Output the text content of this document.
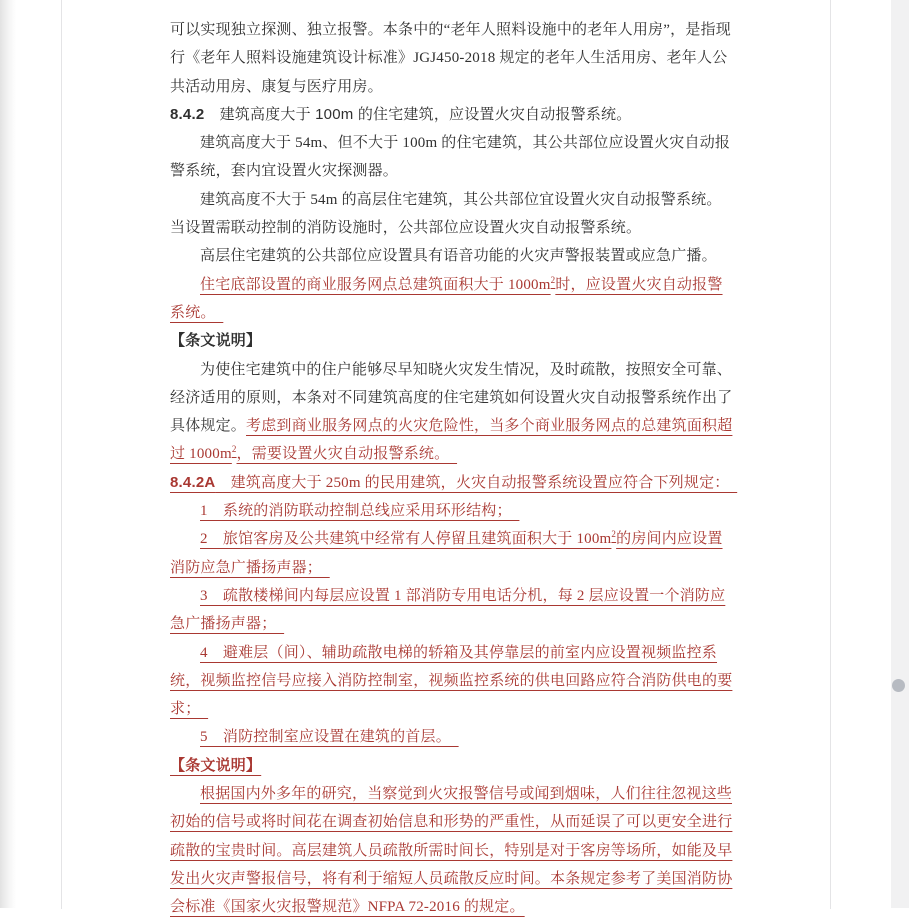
可以实现独立探测、独立报警。本条中的“老年人照料设施中的老年人用房”，是指现
行《老年人照料设施建筑设计标准》JGJ450-2018 规定的老年人生活用房、老年人公
共活动用房、康复与医疗用房。
8.4.2　建筑高度大于 100m 的住宅建筑，应设置火灾自动报警系统。
建筑高度大于 54m、但不大于 100m 的住宅建筑，其公共部位应设置火灾自动报
警系统，套内宜设置火灾探测器。
建筑高度不大于 54m 的高层住宅建筑，其公共部位宜设置火灾自动报警系统。
当设置需联动控制的消防设施时，公共部位应设置火灾自动报警系统。
高层住宅建筑的公共部位应设置具有语音功能的火灾声警报装置或应急广播。
住宅底部设置的商业服务网点总建筑面积大于 $1000m^2$时，应设置火灾自动报警
系统。　
【条文说明】
为使住宅建筑中的住户能够尽早知晓火灾发生情况，及时疏散，按照安全可靠、
经济适用的原则，本条对不同建筑高度的住宅建筑如何设置火灾自动报警系统作出了
具体规定。考虑到商业服务网点的火灾危险性，当多个商业服务网点的总建筑面积超
过 $1000m^2$，需要设置火灾自动报警系统。　
8.4.2A　建筑高度大于 250m 的民用建筑，火灾自动报警系统设置应符合下列规定：　
1　系统的消防联动控制总线应采用环形结构；　
2　旅馆客房及公共建筑中经常有人停留且建筑面积大于 $100m^2$的房间内应设置
消防应急广播扬声器；　
3　疏散楼梯间内每层应设置 1 部消防专用电话分机，每 2 层应设置一个消防应
急广播扬声器；　
4　避难层（间）、辅助疏散电梯的轿箱及其停靠层的前室内应设置视频监控系
统，视频监控信号应接入消防控制室，视频监控系统的供电回路应符合消防供电的要
求；　
5　消防控制室应设置在建筑的首层。　
【条文说明】
根据国内外多年的研究，当察觉到火灾报警信号或闻到烟味，人们往往忽视这些
初始的信号或将时间花在调查初始信息和形势的严重性，从而延误了可以更安全进行
疏散的宝贵时间。高层建筑人员疏散所需时间长，特别是对于客房等场所，如能及早
发出火灾声警报信号，将有利于缩短人员疏散反应时间。本条规定参考了美国消防协
会标准《国家火灾报警规范》NFPA 72-2016 的规定。
